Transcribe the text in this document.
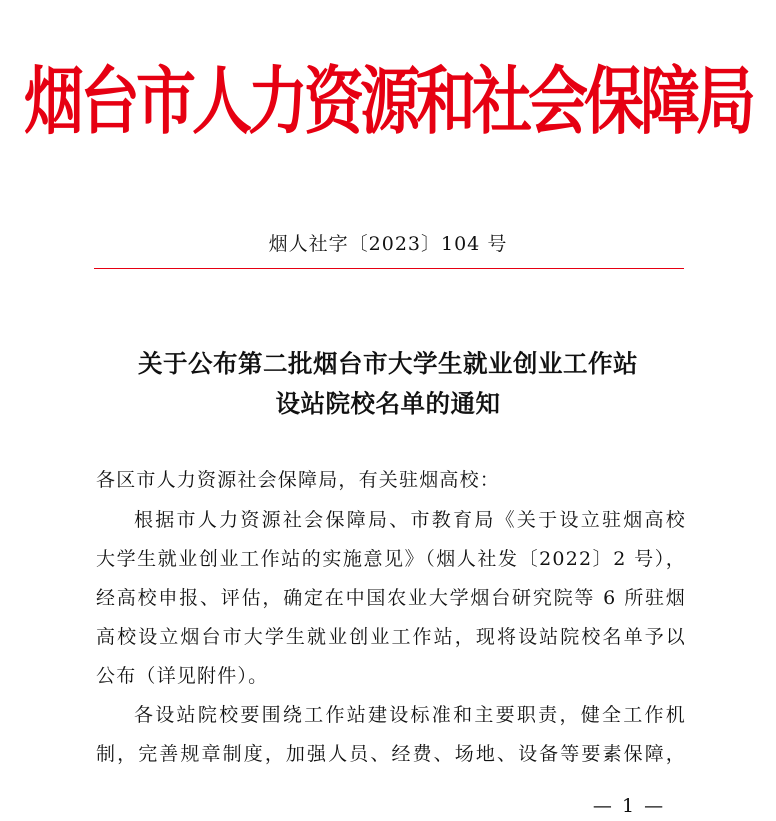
烟台市人力资源和社会保障局
烟人社字〔2023〕104 号
关于公布第二批烟台市大学生就业创业工作站
设站院校名单的通知
各区市人力资源社会保障局，有关驻烟高校：
根据市人力资源社会保障局、市教育局《关于设立驻烟高校
大学生就业创业工作站的实施意见》（烟人社发〔2022〕2 号），
经高校申报、评估，确定在中国农业大学烟台研究院等 6 所驻烟
高校设立烟台市大学生就业创业工作站，现将设站院校名单予以
公布（详见附件）。
各设站院校要围绕工作站建设标准和主要职责，健全工作机
制，完善规章制度，加强人员、经费、场地、设备等要素保障，
— 1 —
